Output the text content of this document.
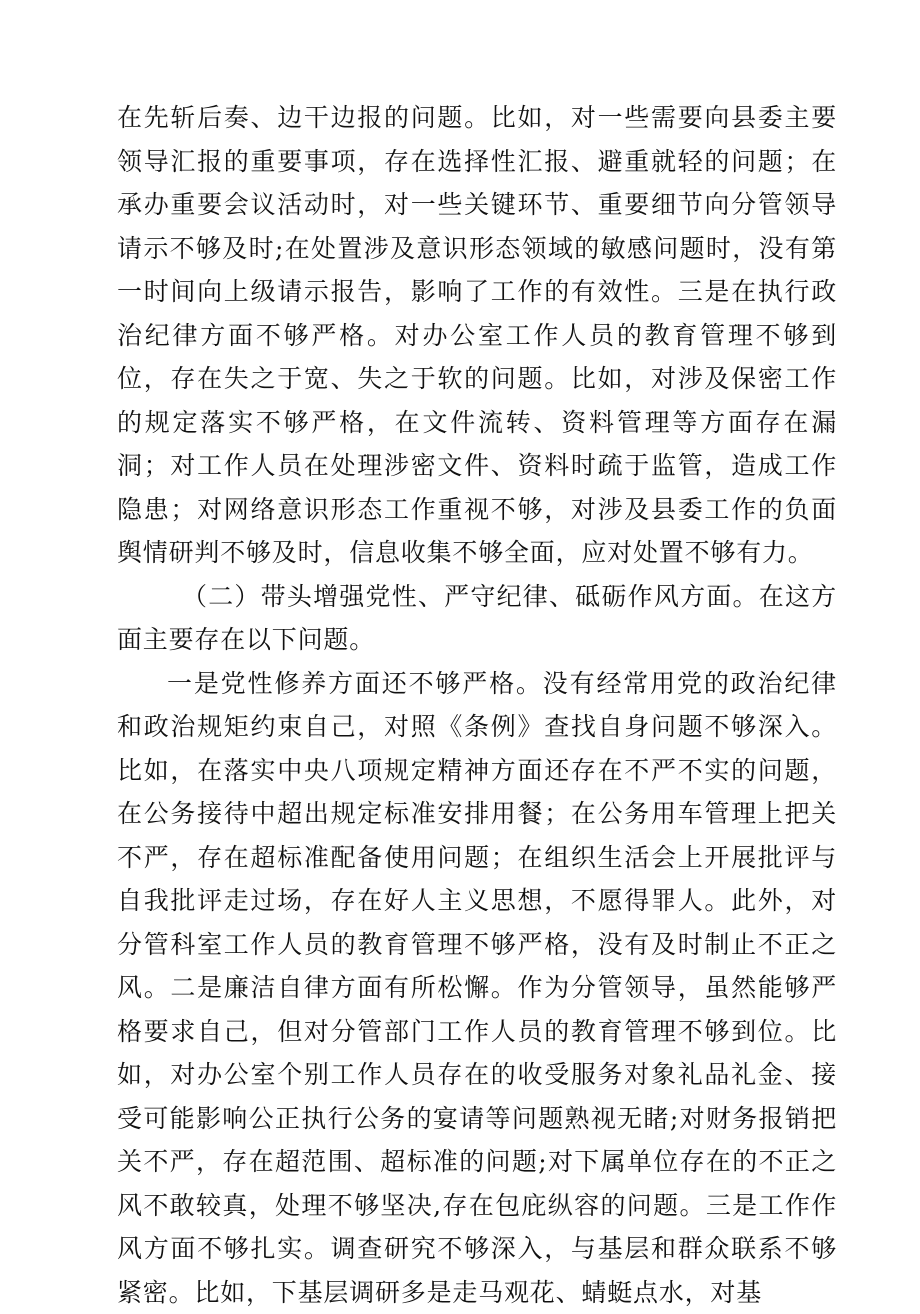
在先斩后奏、边干边报的问题。比如，对一些需要向县委主要领导汇报的重要事项，存在选择性汇报、避重就轻的问题；在承办重要会议活动时，对一些关键环节、重要细节向分管领导请示不够及时;在处置涉及意识形态领域的敏感问题时，没有第一时间向上级请示报告，影响了工作的有效性。三是在执行政治纪律方面不够严格。对办公室工作人员的教育管理不够到位，存在失之于宽、失之于软的问题。比如，对涉及保密工作的规定落实不够严格，在文件流转、资料管理等方面存在漏洞；对工作人员在处理涉密文件、资料时疏于监管，造成工作隐患；对网络意识形态工作重视不够，对涉及县委工作的负面舆情研判不够及时，信息收集不够全面，应对处置不够有力。

（二）带头增强党性、严守纪律、砥砺作风方面。在这方面主要存在以下问题。

一是党性修养方面还不够严格。没有经常用党的政治纪律和政治规矩约束自己，对照《条例》查找自身问题不够深入。比如，在落实中央八项规定精神方面还存在不严不实的问题，在公务接待中超出规定标准安排用餐；在公务用车管理上把关不严，存在超标准配备使用问题；在组织生活会上开展批评与自我批评走过场，存在好人主义思想，不愿得罪人。此外，对分管科室工作人员的教育管理不够严格，没有及时制止不正之风。二是廉洁自律方面有所松懈。作为分管领导，虽然能够严格要求自己，但对分管部门工作人员的教育管理不够到位。比如，对办公室个别工作人员存在的收受服务对象礼品礼金、接受可能影响公正执行公务的宴请等问题熟视无睹;对财务报销把关不严，存在超范围、超标准的问题;对下属单位存在的不正之风不敢较真，处理不够坚决,存在包庇纵容的问题。三是工作作风方面不够扎实。调查研究不够深入，与基层和群众联系不够紧密。比如，下基层调研多是走马观花、蜻蜓点水，对基
